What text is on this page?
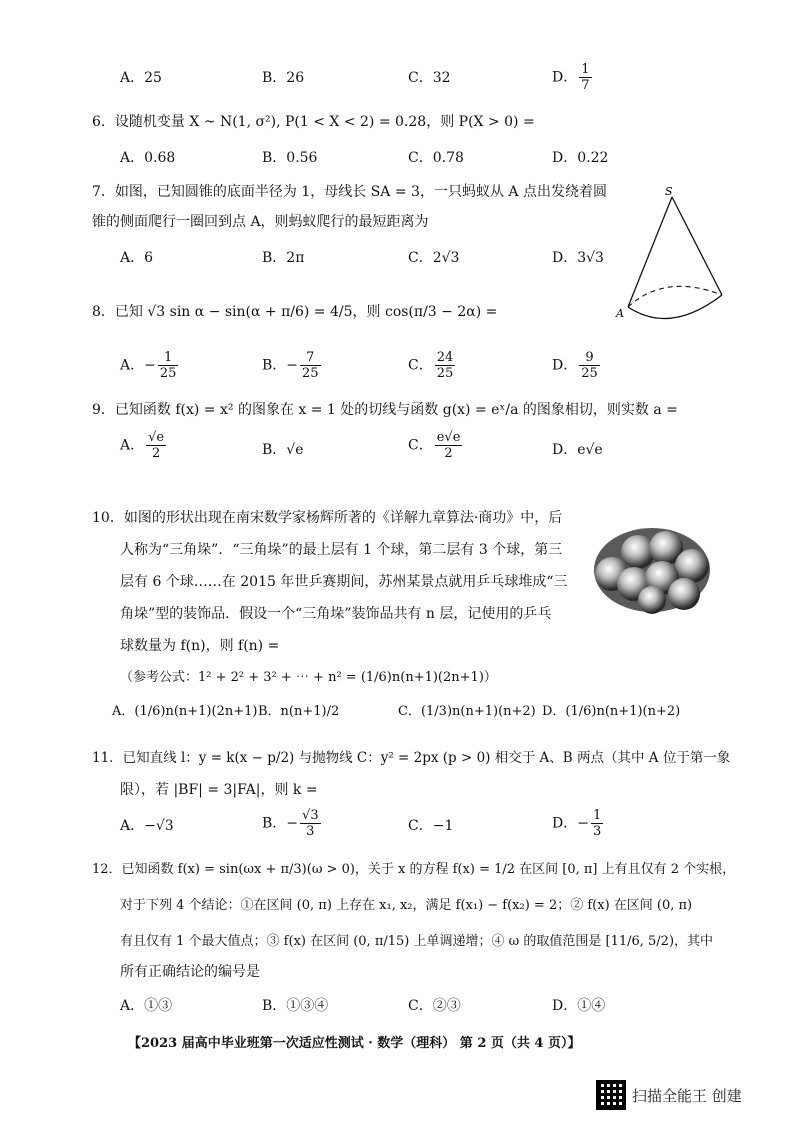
A．25	B．26	C．32	D． $\frac{1}{7}$
6．设随机变量 X ~ N(1, σ²), P(1 < X < 2) = 0.28，则 P(X > 0) =
A．0.68	B．0.56	C．0.78	D．0.22
7．如图，已知圆锥的底面半径为 1，母线长 SA = 3，一只蚂蚁从 A 点出发绕着圆
锥的侧面爬行一圈回到点 A，则蚂蚁爬行的最短距离为
A．6	B．2π	C．2√3	D．3√3
S
A
8．已知 √3 sin α − sin(α + π/6) = 4/5，则 cos(π/3 − 2α) =
A．− $\frac{1}{25}$	B．− $\frac{7}{25}$	C． $\frac{24}{25}$	D． $\frac{9}{25}$
9．已知函数 f(x) = x² 的图象在 x = 1 处的切线与函数 g(x) = eˣ/a 的图象相切，则实数 a =
A． $\frac{√e}{2}$	B．√e	C． $\frac{e√e}{2}$	D．e√e
10．如图的形状出现在南宋数学家杨辉所著的《详解九章算法·商功》中，后
人称为“三角垛”．“三角垛”的最上层有 1 个球，第二层有 3 个球，第三
层有 6 个球……在 2015 年世乒赛期间，苏州某景点就用乒乓球堆成“三
角垛”型的装饰品．假设一个“三角垛”装饰品共有 n 层，记使用的乒乓
球数量为 f(n)，则 f(n) =
（参考公式：1² + 2² + 3² + ⋯ + n² = (1/6)n(n+1)(2n+1)）
A．(1/6)n(n+1)(2n+1) B．n(n+1)/2	C．(1/3)n(n+1)(n+2) D．(1/6)n(n+1)(n+2)
11．已知直线 l：y = k(x − p/2) 与抛物线 C：y² = 2px (p > 0) 相交于 A、B 两点（其中 A 位于第一象
限），若 |BF| = 3|FA|，则 k =
A．−√3	B．− $\frac{√3}{3}$	C．−1	D．− $\frac{1}{3}$
12．已知函数 f(x) = sin(ωx + π/3)(ω > 0)，关于 x 的方程 f(x) = 1/2 在区间 [0, π] 上有且仅有 2 个实根，
对于下列 4 个结论：①在区间 (0, π) 上存在 x₁, x₂，满足 f(x₁) − f(x₂) = 2；② f(x) 在区间 (0, π)
有且仅有 1 个最大值点；③ f(x) 在区间 (0, π/15) 上单调递增；④ ω 的取值范围是 [11/6, 5/2)，其中
所有正确结论的编号是
A．①③	B．①③④	C．②③	D．①④
【2023 届高中毕业班第一次适应性测试 · 数学（理科） 第 2 页（共 4 页）】
扫描全能王 创建
